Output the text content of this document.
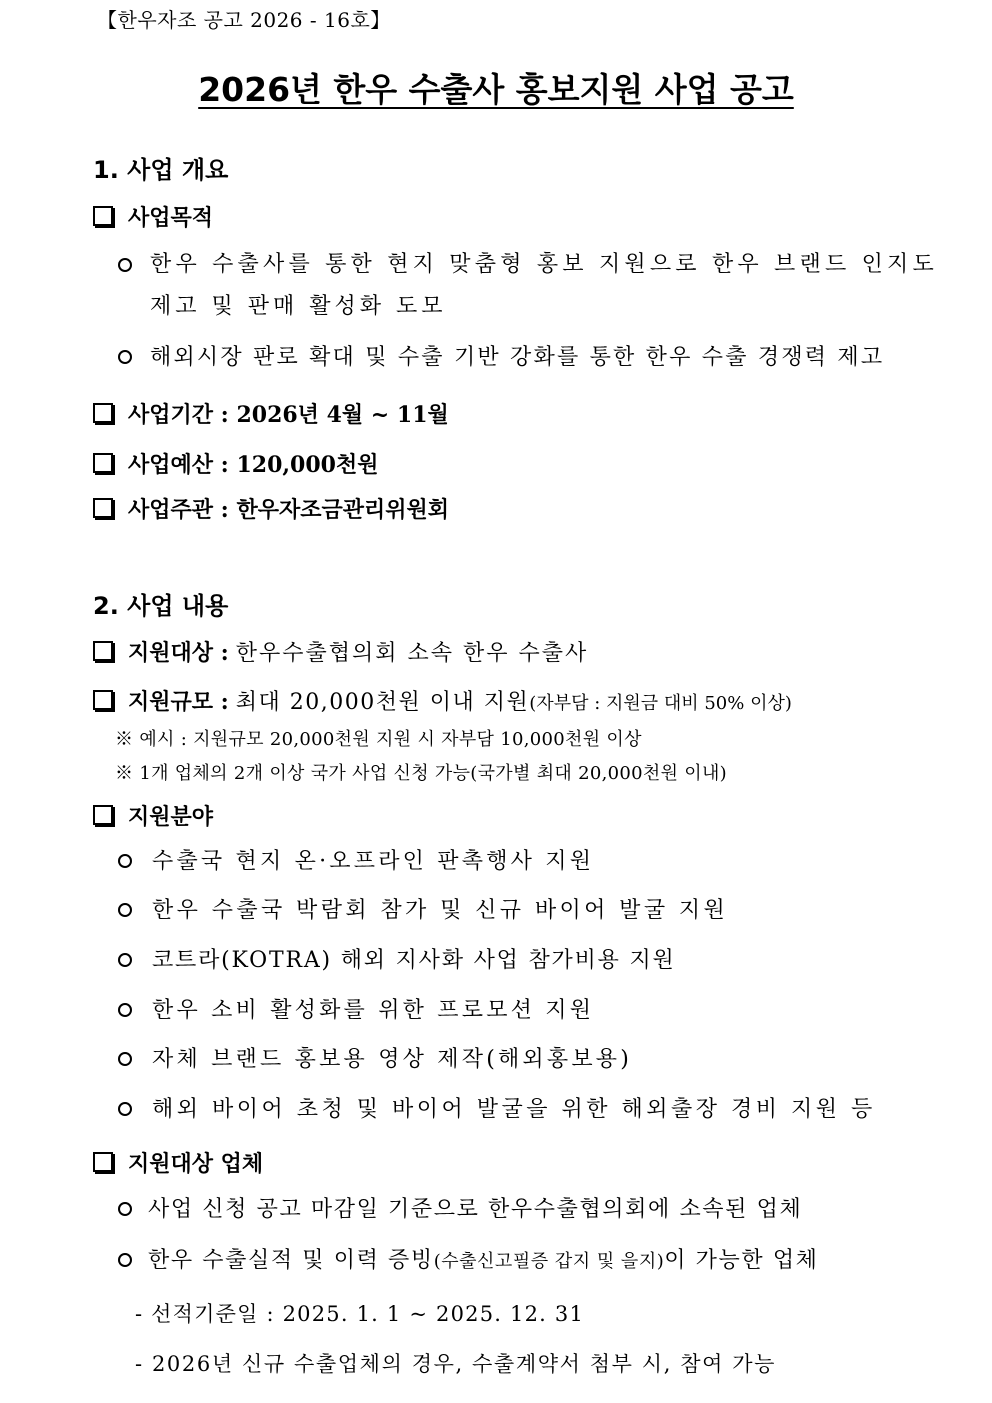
【한우자조 공고 2026 - 16호】
2026년 한우 수출사 홍보지원 사업 공고
1. 사업 개요
사업목적
한우 수출사를 통한 현지 맞춤형 홍보 지원으로 한우 브랜드 인지도
제고 및 판매 활성화 도모
해외시장 판로 확대 및 수출 기반 강화를 통한 한우 수출 경쟁력 제고
사업기간 : 2026년 4월 ~ 11월
사업예산 : 120,000천원
사업주관 : 한우자조금관리위원회
2. 사업 내용
지원대상 : 한우수출협의회 소속 한우 수출사
지원규모 : 최대 20,000천원 이내 지원(자부담 : 지원금 대비 50% 이상)
※ 예시 : 지원규모 20,000천원 지원 시 자부담 10,000천원 이상
※ 1개 업체의 2개 이상 국가 사업 신청 가능(국가별 최대 20,000천원 이내)
지원분야
수출국 현지 온·오프라인 판촉행사 지원
한우 수출국 박람회 참가 및 신규 바이어 발굴 지원
코트라(KOTRA) 해외 지사화 사업 참가비용 지원
한우 소비 활성화를 위한 프로모션 지원
자체 브랜드 홍보용 영상 제작(해외홍보용)
해외 바이어 초청 및 바이어 발굴을 위한 해외출장 경비 지원 등
지원대상 업체
사업 신청 공고 마감일 기준으로 한우수출협의회에 소속된 업체
한우 수출실적 및 이력 증빙(수출신고필증 갑지 및 을지)이 가능한 업체
- 선적기준일 : 2025. 1. 1 ~ 2025. 12. 31
- 2026년 신규 수출업체의 경우, 수출계약서 첨부 시, 참여 가능
